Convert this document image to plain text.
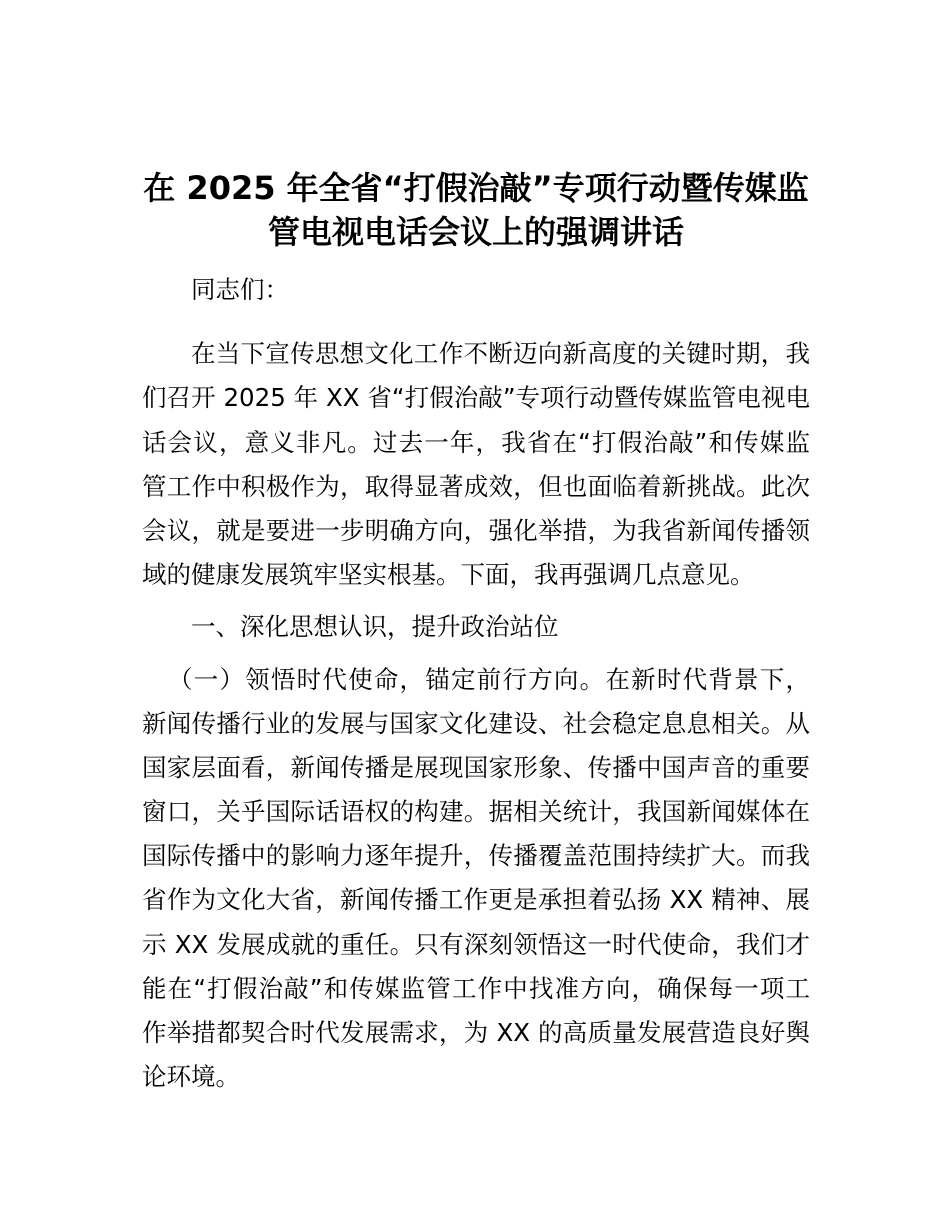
在 2025 年全省“打假治敲”专项行动暨传媒监
管电视电话会议上的强调讲话
同志们：
在当下宣传思想文化工作不断迈向新高度的关键时期，我
们召开 2025 年 XX 省“打假治敲”专项行动暨传媒监管电视电
话会议，意义非凡。过去一年，我省在“打假治敲”和传媒监
管工作中积极作为，取得显著成效，但也面临着新挑战。此次
会议，就是要进一步明确方向，强化举措，为我省新闻传播领
域的健康发展筑牢坚实根基。下面，我再强调几点意见。
一、深化思想认识，提升政治站位
（一）领悟时代使命，锚定前行方向。在新时代背景下，
新闻传播行业的发展与国家文化建设、社会稳定息息相关。从
国家层面看，新闻传播是展现国家形象、传播中国声音的重要
窗口，关乎国际话语权的构建。据相关统计，我国新闻媒体在
国际传播中的影响力逐年提升，传播覆盖范围持续扩大。而我
省作为文化大省，新闻传播工作更是承担着弘扬 XX 精神、展
示 XX 发展成就的重任。只有深刻领悟这一时代使命，我们才
能在“打假治敲”和传媒监管工作中找准方向，确保每一项工
作举措都契合时代发展需求，为 XX 的高质量发展营造良好舆
论环境。
